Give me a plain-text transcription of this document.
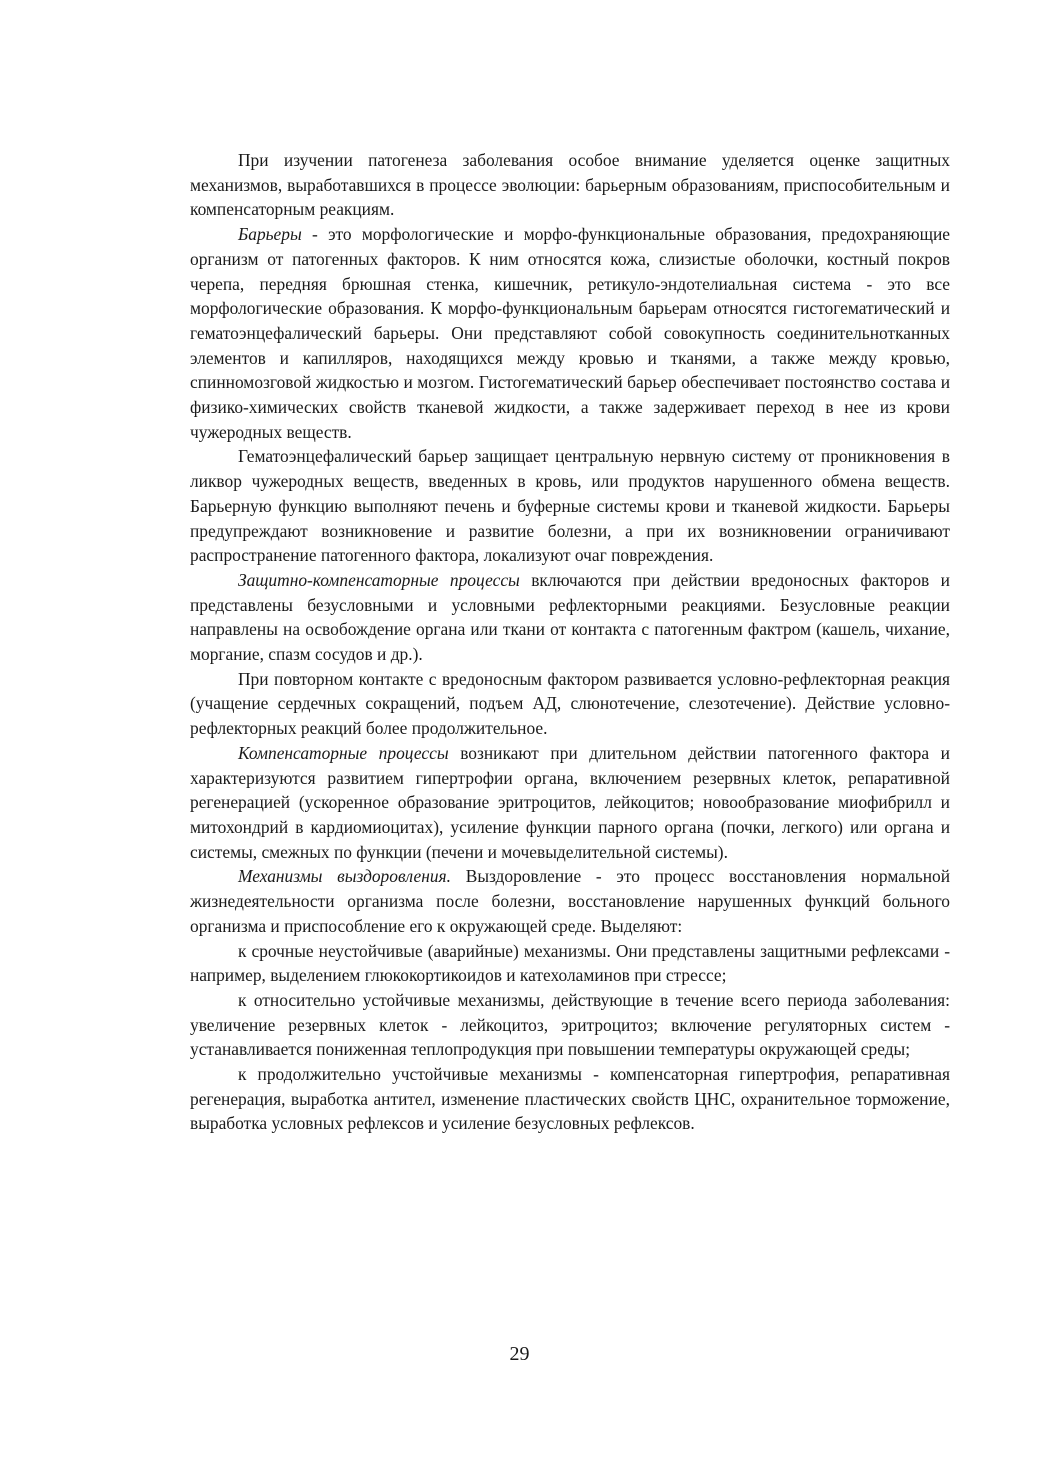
При изучении патогенеза заболевания особое внимание уделяется оценке защитных механизмов, выработавшихся в процессе эволюции: барьерным образованиям, приспособительным и компенсаторным реакциям.

Барьеры - это морфологические и морфо-функциональные образования, предохраняющие организм от патогенных факторов. К ним относятся кожа, слизистые оболочки, костный покров черепа, передняя брюшная стенка, кишечник, ретикуло-эндотелиальная система - это все морфологические образования. К морфо-функциональным барьерам относятся гистогематический и гематоэнцефалический барьеры. Они представляют собой совокупность соединительнотканных элементов и капилляров, находящихся между кровью и тканями, а также между кровью, спинномозговой жидкостью и мозгом. Гистогематический барьер обеспечивает постоянство состава и физико-химических свойств тканевой жидкости, а также задерживает переход в нее из крови чужеродных веществ.

Гематоэнцефалический барьер защищает центральную нервную систему от проникновения в ликвор чужеродных веществ, введенных в кровь, или продуктов нарушенного обмена веществ. Барьерную функцию выполняют печень и буферные системы крови и тканевой жидкости. Барьеры предупреждают возникновение и развитие болезни, а при их возникновении ограничивают распространение патогенного фактора, локализуют очаг повреждения.

Защитно-компенсаторные процессы включаются при действии вредоносных факторов и представлены безусловными и условными рефлекторными реакциями. Безусловные реакции направлены на освобождение органа или ткани от контакта с патогенным фактром (кашель, чихание, моргание, спазм сосудов и др.).

При повторном контакте с вредоносным фактором развивается условно-рефлекторная реакция (учащение сердечных сокращений, подъем АД, слюнотечение, слезотечение). Действие условно-рефлекторных реакций более продолжительное.

Компенсаторные процессы возникают при длительном действии патогенного фактора и характеризуются развитием гипертрофии органа, включением резервных клеток, репаративной регенерацией (ускоренное образование эритроцитов, лейкоцитов; новообразование миофибрилл и митохондрий в кардиомиоцитах), усиление функции парного органа (почки, легкого) или органа и системы, смежных по функции (печени и мочевыделительной системы).

Механизмы выздоровления. Выздоровление - это процесс восстановления нормальной жизнедеятельности организма после болезни, восстановление нарушенных функций больного организма и приспособление его к окружающей среде. Выделяют:

к срочные неустойчивые (аварийные) механизмы. Они представлены защитными рефлексами - например, выделением глюкокортикоидов и катехоламинов при стрессе;

к относительно устойчивые механизмы, действующие в течение всего периода заболевания: увеличение резервных клеток - лейкоцитоз, эритроцитоз; включение регуляторных систем - устанавливается пониженная теплопродукция при повышении температуры окружающей среды;

к продолжительно учстойчивые механизмы - компенсаторная гипертрофия, репаративная регенерация, выработка антител, изменение пластических свойств ЦНС, охранительное торможение, выработка условных рефлексов и усиление безусловных рефлексов.

29
